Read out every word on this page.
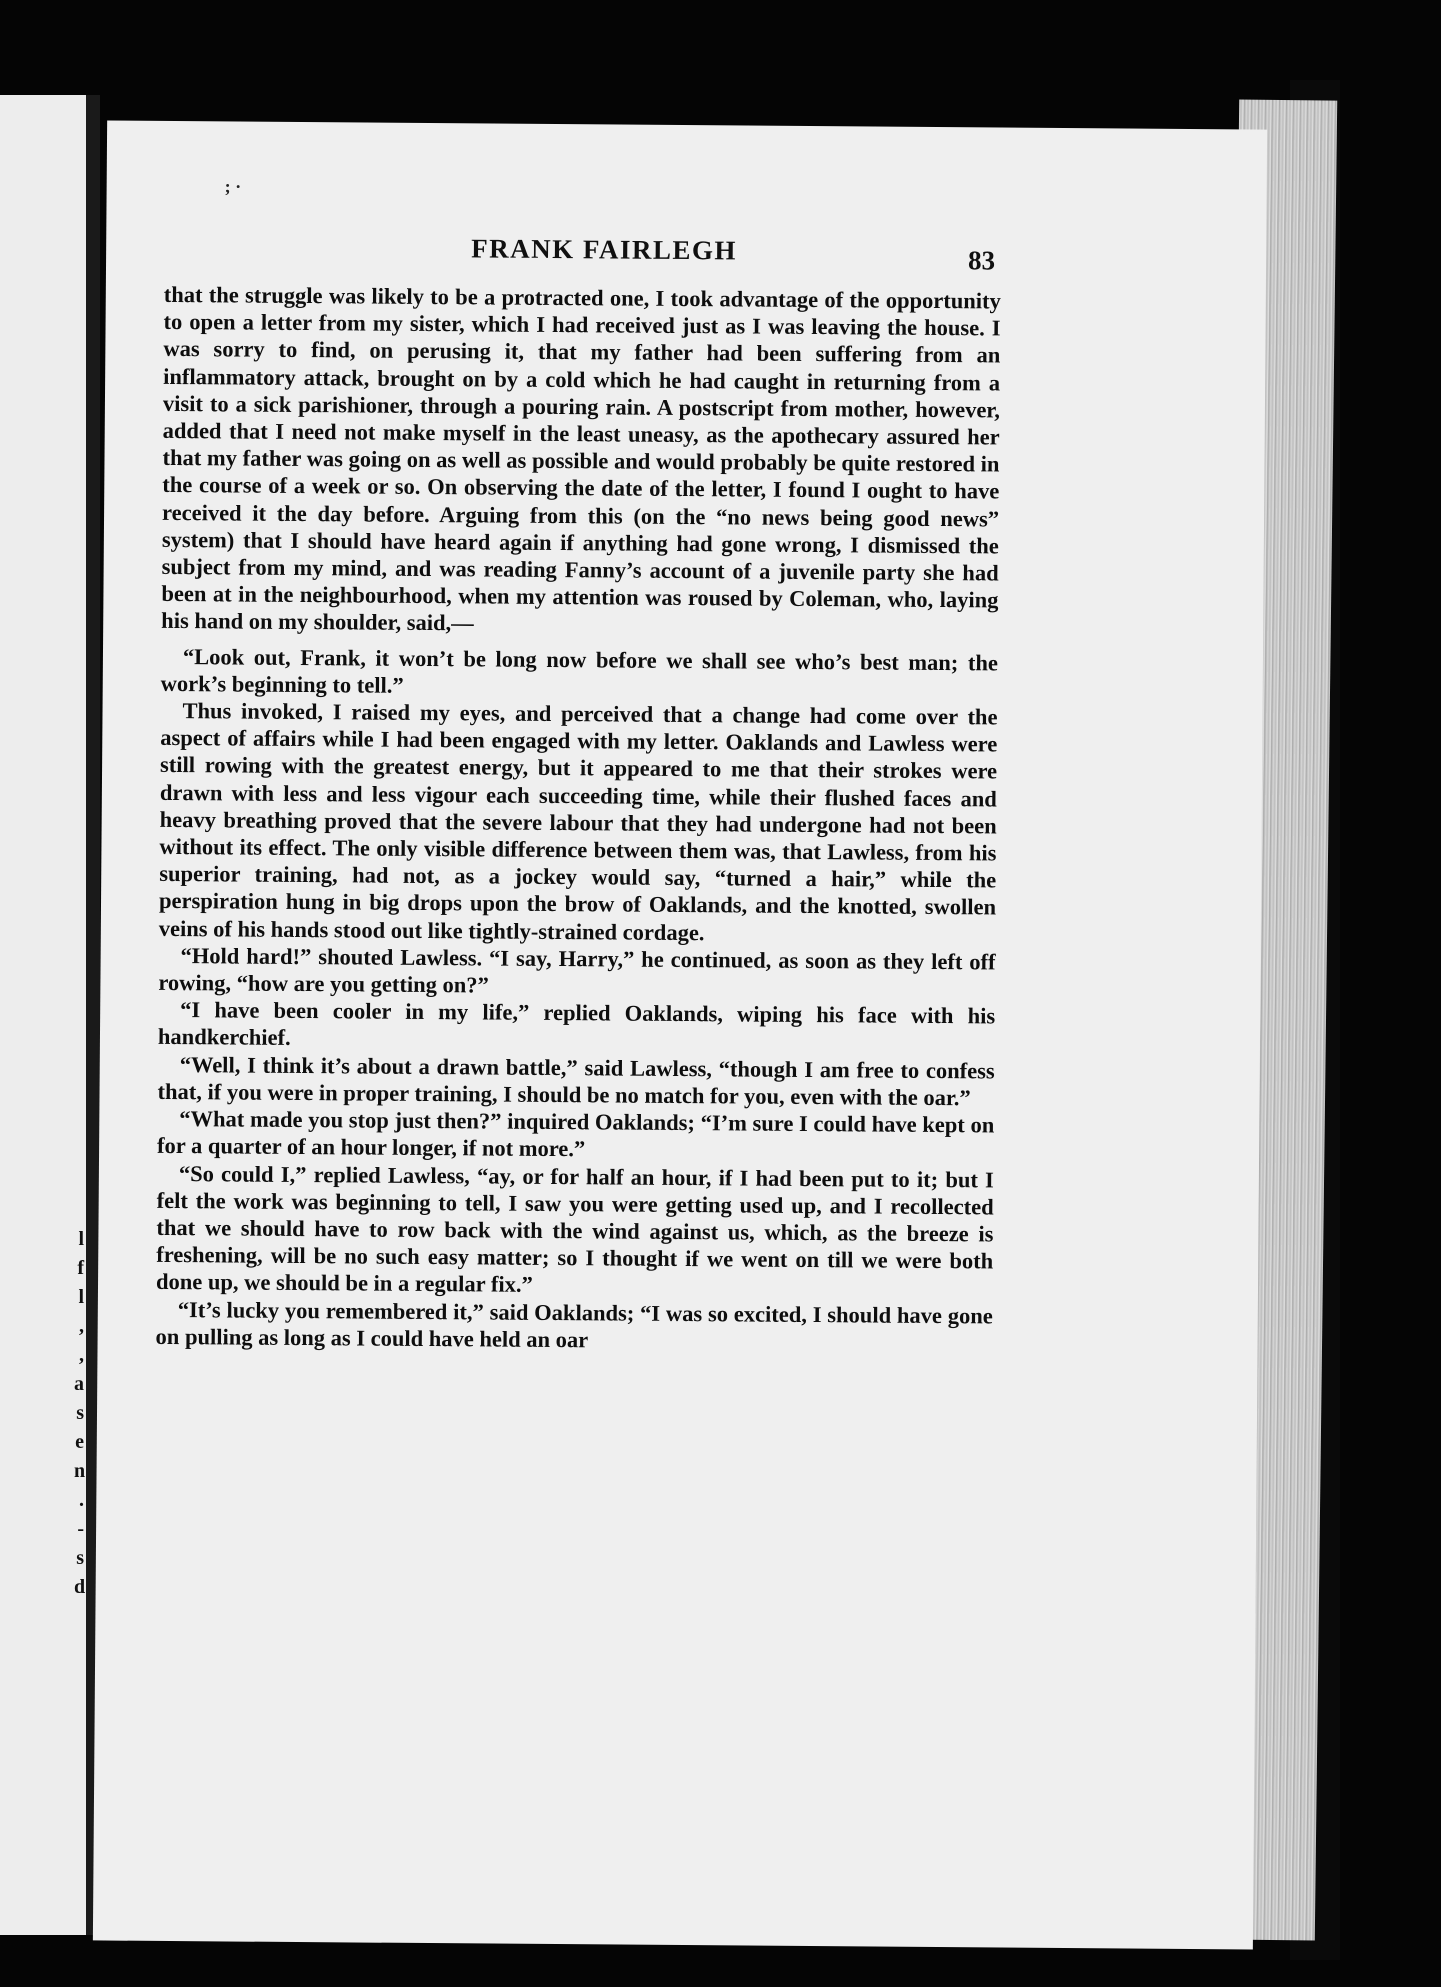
l
f
l
,
,
a
s
e
n
.
-
s
d
FRANK FAIRLEGH	83
; ·

that the struggle was likely to be a protracted one, I took advantage of the opportunity to open a letter from my sister, which I had received just as I was leaving the house. I was sorry to find, on perusing it, that my father had been suffering from an inflammatory attack, brought on by a cold which he had caught in returning from a visit to a sick parishioner, through a pouring rain. A postscript from mother, however, added that I need not make myself in the least uneasy, as the apothecary assured her that my father was going on as well as possible and would probably be quite restored in the course of a week or so. On observing the date of the letter, I found I ought to have received it the day before. Arguing from this (on the “no news being good news” system) that I should have heard again if anything had gone wrong, I dismissed the subject from my mind, and was reading Fanny’s account of a juvenile party she had been at in the neighbourhood, when my attention was roused by Coleman, who, laying his hand on my shoulder, said,—

“Look out, Frank, it won’t be long now before we shall see who’s best man; the work’s beginning to tell.”

Thus invoked, I raised my eyes, and perceived that a change had come over the aspect of affairs while I had been engaged with my letter. Oaklands and Lawless were still rowing with the greatest energy, but it appeared to me that their strokes were drawn with less and less vigour each succeeding time, while their flushed faces and heavy breathing proved that the severe labour that they had undergone had not been without its effect. The only visible difference between them was, that Lawless, from his superior training, had not, as a jockey would say, “turned a hair,” while the perspiration hung in big drops upon the brow of Oaklands, and the knotted, swollen veins of his hands stood out like tightly-strained cordage.

“Hold hard!” shouted Lawless. “I say, Harry,” he continued, as soon as they left off rowing, “how are you getting on?”

“I have been cooler in my life,” replied Oaklands, wiping his face with his handkerchief.

“Well, I think it’s about a drawn battle,” said Lawless, “though I am free to confess that, if you were in proper training, I should be no match for you, even with the oar.”

“What made you stop just then?” inquired Oaklands; “I’m sure I could have kept on for a quarter of an hour longer, if not more.”

“So could I,” replied Lawless, “ay, or for half an hour, if I had been put to it; but I felt the work was beginning to tell, I saw you were getting used up, and I recollected that we should have to row back with the wind against us, which, as the breeze is freshening, will be no such easy matter; so I thought if we went on till we were both done up, we should be in a regular fix.”

“It’s lucky you remembered it,” said Oaklands; “I was so excited, I should have gone on pulling as long as I could have held an oar
